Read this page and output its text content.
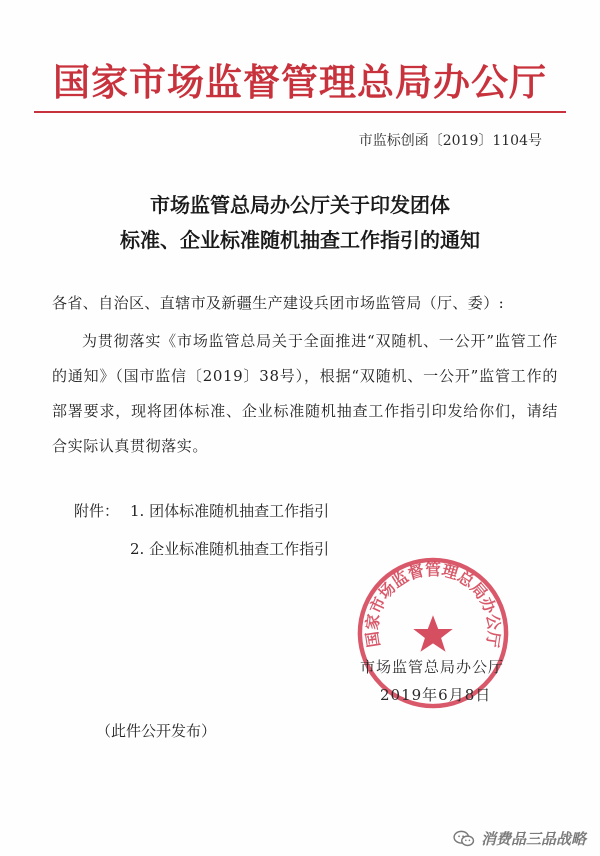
国家市场监督管理总局办公厅
市监标创函〔2019〕1104号
市场监管总局办公厅关于印发团体
标准、企业标准随机抽查工作指引的通知
各省、自治区、直辖市及新疆生产建设兵团市场监管局（厅、委）:
为贯彻落实《市场监管总局关于全面推进“双随机、一公开”监管工作的通知》（国市监信〔2019〕38号），根据“双随机、一公开”监管工作的部署要求，现将团体标准、企业标准随机抽查工作指引印发给你们，请结合实际认真贯彻落实。
附件： 1. 团体标准随机抽查工作指引
2. 企业标准随机抽查工作指引
国家市场监督管理总局办公厅
市场监管总局办公厅
2019年6月8日
（此件公开发布）
消费品三品战略
